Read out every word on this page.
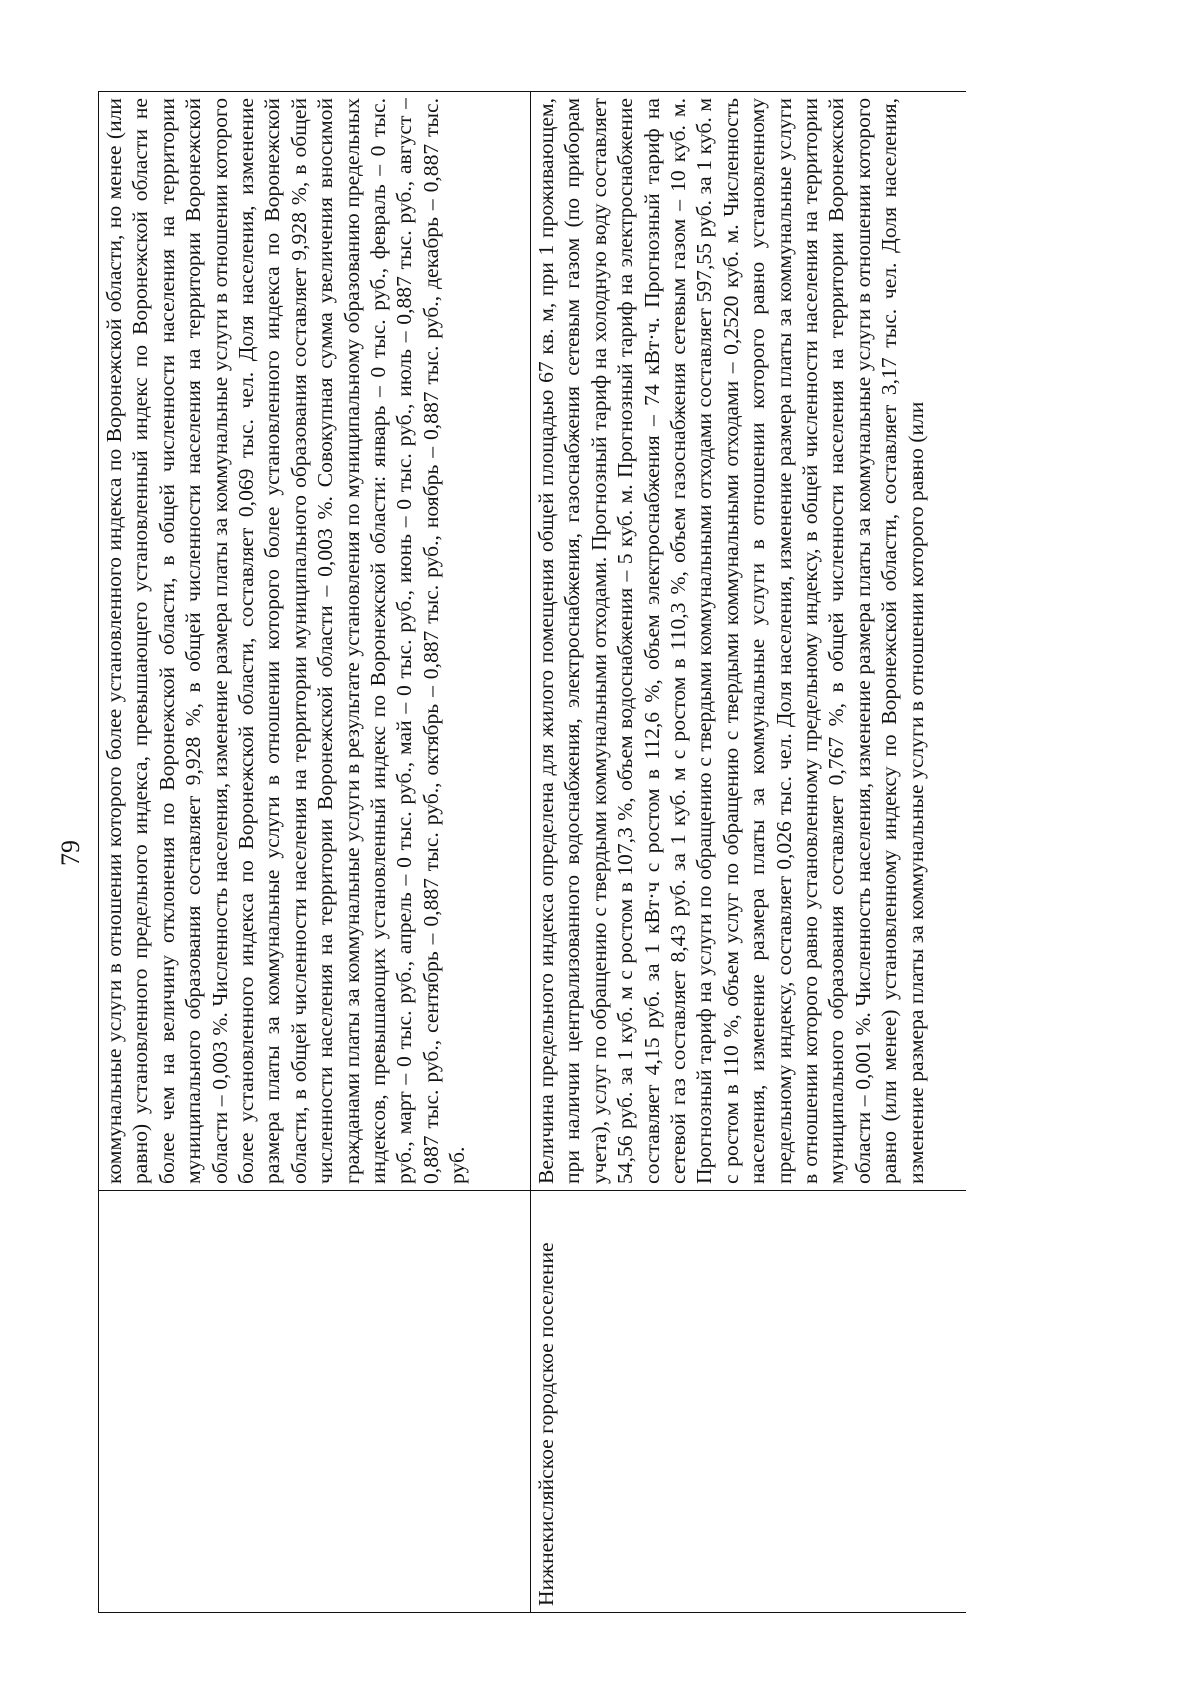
79

	коммунальные услуги в отношении которого более установленного индекса по Воронежской области, но менее (или равно) установленного предельного индекса, превышающего установленный индекс по Воронежской области не более чем на величину отклонения по Воронежской области, в общей численности населения на территории муниципального образования составляет 9,928 %, в общей численности населения на территории Воронежской области – 0,003 %. Численность населения, изменение размера платы за коммунальные услуги в отношении которого более установленного индекса по Воронежской области, составляет 0,069 тыс. чел. Доля населения, изменение размера платы за коммунальные услуги в отношении которого более установленного индекса по Воронежской области, в общей численности населения на территории муниципального образования составляет 9,928 %, в общей численности населения на территории Воронежской области – 0,003 %. Совокупная сумма увеличения вносимой гражданами платы за коммунальные услуги в результате установления по муниципальному образованию предельных индексов, превышающих установленный индекс по Воронежской области: январь – 0 тыс. руб., февраль – 0 тыс. руб., март – 0 тыс. руб., апрель – 0 тыс. руб., май – 0 тыс. руб., июнь – 0 тыс. руб., июль – 0,887 тыс. руб., август – 0,887 тыс. руб., сентябрь – 0,887 тыс. руб., октябрь – 0,887 тыс. руб., ноябрь – 0,887 тыс. руб., декабрь – 0,887 тыс. руб.

Нижнекисляйское городское поселение	Величина предельного индекса определена для жилого помещения общей площадью 67 кв. м, при 1 проживающем, при наличии централизованного водоснабжения, электроснабжения, газоснабжения сетевым газом (по приборам учета), услуг по обращению с твердыми коммунальными отходами. Прогнозный тариф на холодную воду составляет 54,56 руб. за 1 куб. м с ростом в 107,3 %, объем водоснабжения – 5 куб. м. Прогнозный тариф на электроснабжение составляет 4,15 руб. за 1 кВт·ч с ростом в 112,6 %, объем электроснабжения – 74 кВт·ч. Прогнозный тариф на сетевой газ составляет 8,43 руб. за 1 куб. м с ростом в 110,3 %, объем газоснабжения сетевым газом – 10 куб. м. Прогнозный тариф на услуги по обращению с твердыми коммунальными отходами составляет 597,55 руб. за 1 куб. м с ростом в 110 %, объем услуг по обращению с твердыми коммунальными отходами – 0,2520 куб. м. Численность населения, изменение размера платы за коммунальные услуги в отношении которого равно установленному предельному индексу, составляет 0,026 тыс. чел. Доля населения, изменение размера платы за коммунальные услуги в отношении которого равно установленному предельному индексу, в общей численности населения на территории муниципального образования составляет 0,767 %, в общей численности населения на территории Воронежской области – 0,001 %. Численность населения, изменение размера платы за коммунальные услуги в отношении которого равно (или менее) установленному индексу по Воронежской области, составляет 3,17 тыс. чел. Доля населения, изменение размера платы за коммунальные услуги в отношении которого равно (или
